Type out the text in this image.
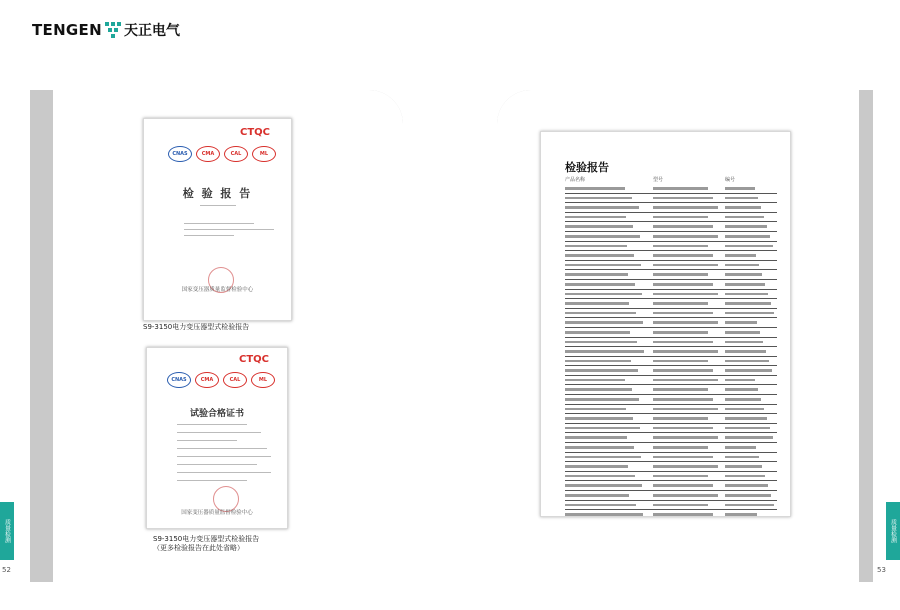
TENGEN 天正电气
质量检测	质量检测
52	53
CTQC
CNAS	CMA	CAL	ML
检 验 报 告
国家变压器质量监督检验中心
S9-3150电力变压器型式检验报告
CTQC
CNAS	CMA	CAL	ML
试验合格证书
国家变压器质量监督检验中心
S9-3150电力变压器型式检验报告
（更多检验报告在此处省略）
检验报告
产品名称	型号	编号
